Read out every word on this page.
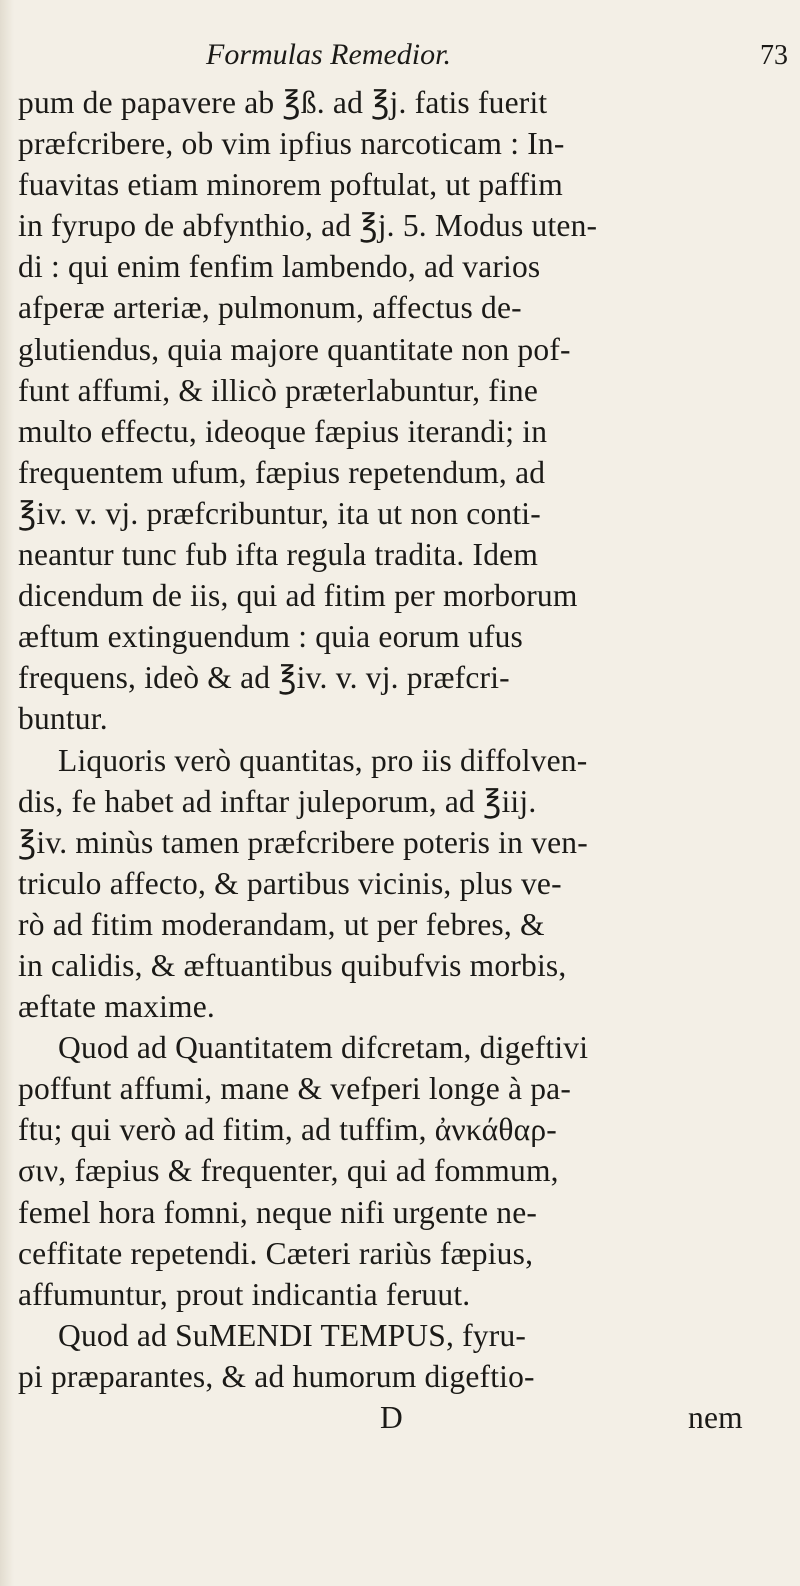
Formulas Remedior.	73
pum de papavere ab ℥ß. ad ℥j. fatis fuerit
præfcribere, ob vim ipfius narcoticam : In-
fuavitas etiam minorem poftulat, ut paffim
in fyrupo de abfynthio, ad ℥j. 5. Modus uten-
di : qui enim fenfim lambendo, ad varios
afperæ arteriæ, pulmonum, affectus de-
glutiendus, quia majore quantitate non pof-
funt affumi, & illicò præterlabuntur, fine
multo effectu, ideoque fæpius iterandi; in
frequentem ufum, fæpius repetendum, ad
℥iv. v. vj. præfcribuntur, ita ut non conti-
neantur tunc fub ifta regula tradita. Idem
dicendum de iis, qui ad fitim per morborum
æftum extinguendum : quia eorum ufus
frequens, ideò & ad ℥iv. v. vj. præfcri-
buntur.
Liquoris verò quantitas, pro iis diffolven-
dis, fe habet ad inftar juleporum, ad ℥iij.
℥iv. minùs tamen præfcribere poteris in ven-
triculo affecto, & partibus vicinis, plus ve-
rò ad fitim moderandam, ut per febres, &
in calidis, & æftuantibus quibufvis morbis,
æftate maxime.
Quod ad Quantitatem difcretam, digeftivi
poffunt affumi, mane & vefperi longe à pa-
ftu; qui verò ad fitim, ad tuffim, ἀνκάθαρ-
σιν, fæpius & frequenter, qui ad fommum,
femel hora fomni, neque nifi urgente ne-
ceffitate repetendi. Cæteri rariùs fæpius,
affumuntur, prout indicantia feruut.
Quod ad SuMENDI TEMPUS, fyru-
pi præparantes, & ad humorum digeftio-
D	nem
